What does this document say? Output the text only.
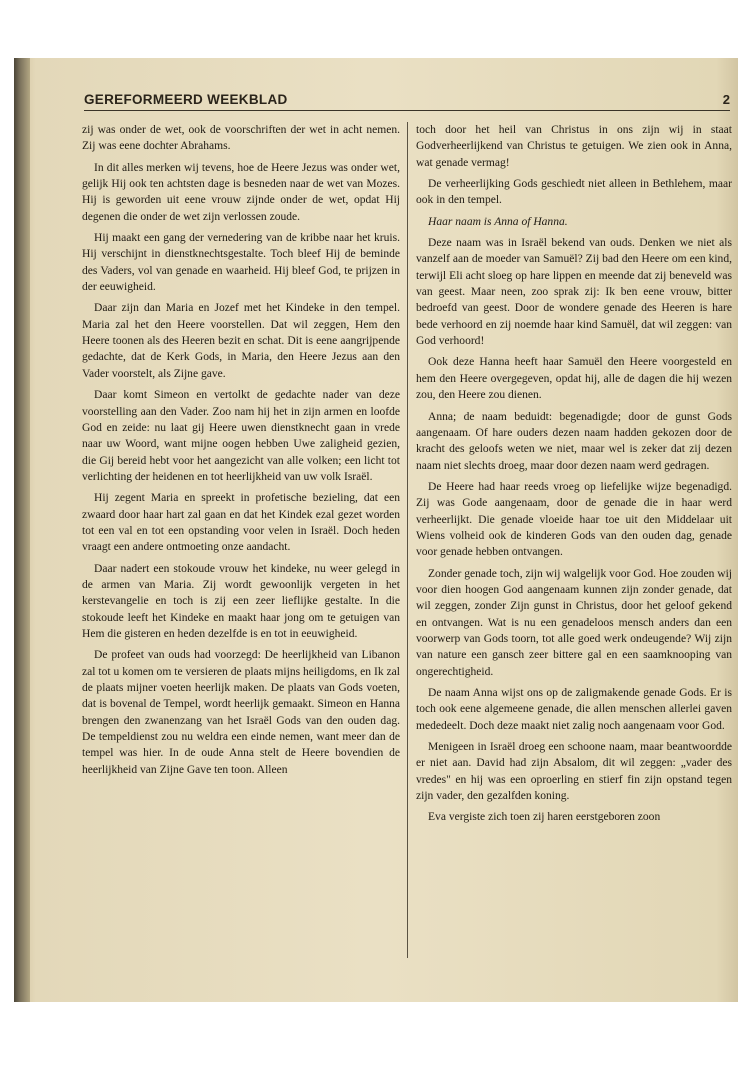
GEREFORMEERD WEEKBLAD	2

zij was onder de wet, ook de voorschriften der wet in acht nemen. Zij was eene dochter Abrahams.

In dit alles merken wij tevens, hoe de Heere Jezus was onder wet, gelijk Hij ook ten achtsten dage is besneden naar de wet van Mozes. Hij is geworden uit eene vrouw zijnde onder de wet, opdat Hij degenen die onder de wet zijn verlossen zoude.

Hij maakt een gang der vernedering van de kribbe naar het kruis. Hij verschijnt in dienstknechtsgestalte. Toch bleef Hij de beminde des Vaders, vol van genade en waarheid. Hij bleef God, te prijzen in der eeuwigheid.

Daar zijn dan Maria en Jozef met het Kindeke in den tempel. Maria zal het den Heere voorstellen. Dat wil zeggen, Hem den Heere toonen als des Heeren bezit en schat. Dit is eene aangrijpende gedachte, dat de Kerk Gods, in Maria, den Heere Jezus aan den Vader voorstelt, als Zijne gave.

Daar komt Simeon en vertolkt de gedachte nader van deze voorstelling aan den Vader. Zoo nam hij het in zijn armen en loofde God en zeide: nu laat gij Heere uwen dienstknecht gaan in vrede naar uw Woord, want mijne oogen hebben Uwe zaligheid gezien, die Gij bereid hebt voor het aangezicht van alle volken; een licht tot verlichting der heidenen en tot heerlijkheid van uw volk Israël.

Hij zegent Maria en spreekt in profetische bezieling, dat een zwaard door haar hart zal gaan en dat het Kindek ezal gezet worden tot een val en tot een opstanding voor velen in Israël. Doch heden vraagt een andere ontmoeting onze aandacht.

Daar nadert een stokoude vrouw het kindeke, nu weer gelegd in de armen van Maria. Zij wordt gewoonlijk vergeten in het kerstevangelie en toch is zij een zeer lieflijke gestalte. In die stokoude leeft het Kindeke en maakt haar jong om te getuigen van Hem die gisteren en heden dezelfde is en tot in eeuwigheid.

De profeet van ouds had voorzegd: De heerlijkheid van Libanon zal tot u komen om te versieren de plaats mijns heiligdoms, en Ik zal de plaats mijner voeten heerlijk maken. De plaats van Gods voeten, dat is bovenal de Tempel, wordt heerlijk gemaakt. Simeon en Hanna brengen den zwanenzang van het Israël Gods van den ouden dag. De tempeldienst zou nu weldra een einde nemen, want meer dan de tempel was hier. In de oude Anna stelt de Heere bovendien de heerlijkheid van Zijne Gave ten toon. Alleen

toch door het heil van Christus in ons zijn wij in staat Godverheerlijkend van Christus te getuigen. We zien ook in Anna, wat genade vermag!

De verheerlijking Gods geschiedt niet alleen in Bethlehem, maar ook in den tempel.

Haar naam is Anna of Hanna.

Deze naam was in Israël bekend van ouds. Denken we niet als vanzelf aan de moeder van Samuël? Zij bad den Heere om een kind, terwijl Eli acht sloeg op hare lippen en meende dat zij beneveld was van geest. Maar neen, zoo sprak zij: Ik ben eene vrouw, bitter bedroefd van geest. Door de wondere genade des Heeren is hare bede verhoord en zij noemde haar kind Samuël, dat wil zeggen: van God verhoord!

Ook deze Hanna heeft haar Samuël den Heere voorgesteld en hem den Heere overgegeven, opdat hij, alle de dagen die hij wezen zou, den Heere zou dienen.

Anna; de naam beduidt: begenadigde; door de gunst Gods aangenaam. Of hare ouders dezen naam hadden gekozen door de kracht des geloofs weten we niet, maar wel is zeker dat zij dezen naam niet slechts droeg, maar door dezen naam werd gedragen.

De Heere had haar reeds vroeg op liefelijke wijze begenadigd. Zij was Gode aangenaam, door de genade die in haar werd verheerlijkt. Die genade vloeide haar toe uit den Middelaar uit Wiens volheid ook de kinderen Gods van den ouden dag, genade voor genade hebben ontvangen.

Zonder genade toch, zijn wij walgelijk voor God. Hoe zouden wij voor dien hoogen God aangenaam kunnen zijn zonder genade, dat wil zeggen, zonder Zijn gunst in Christus, door het geloof gekend en ontvangen. Wat is nu een genadeloos mensch anders dan een voorwerp van Gods toorn, tot alle goed werk ondeugende? Wij zijn van nature een gansch zeer bittere gal en een saamknooping van ongerechtigheid.

De naam Anna wijst ons op de zaligmakende genade Gods. Er is toch ook eene algemeene genade, die allen menschen allerlei gaven mededeelt. Doch deze maakt niet zalig noch aangenaam voor God.

Menigeen in Israël droeg een schoone naam, maar beantwoordde er niet aan. David had zijn Absalom, dit wil zeggen: „vader des vredes" en hij was een oproerling en stierf fin zijn opstand tegen zijn vader, den gezalfden koning.

Eva vergiste zich toen zij haren eerstgeboren zoon
